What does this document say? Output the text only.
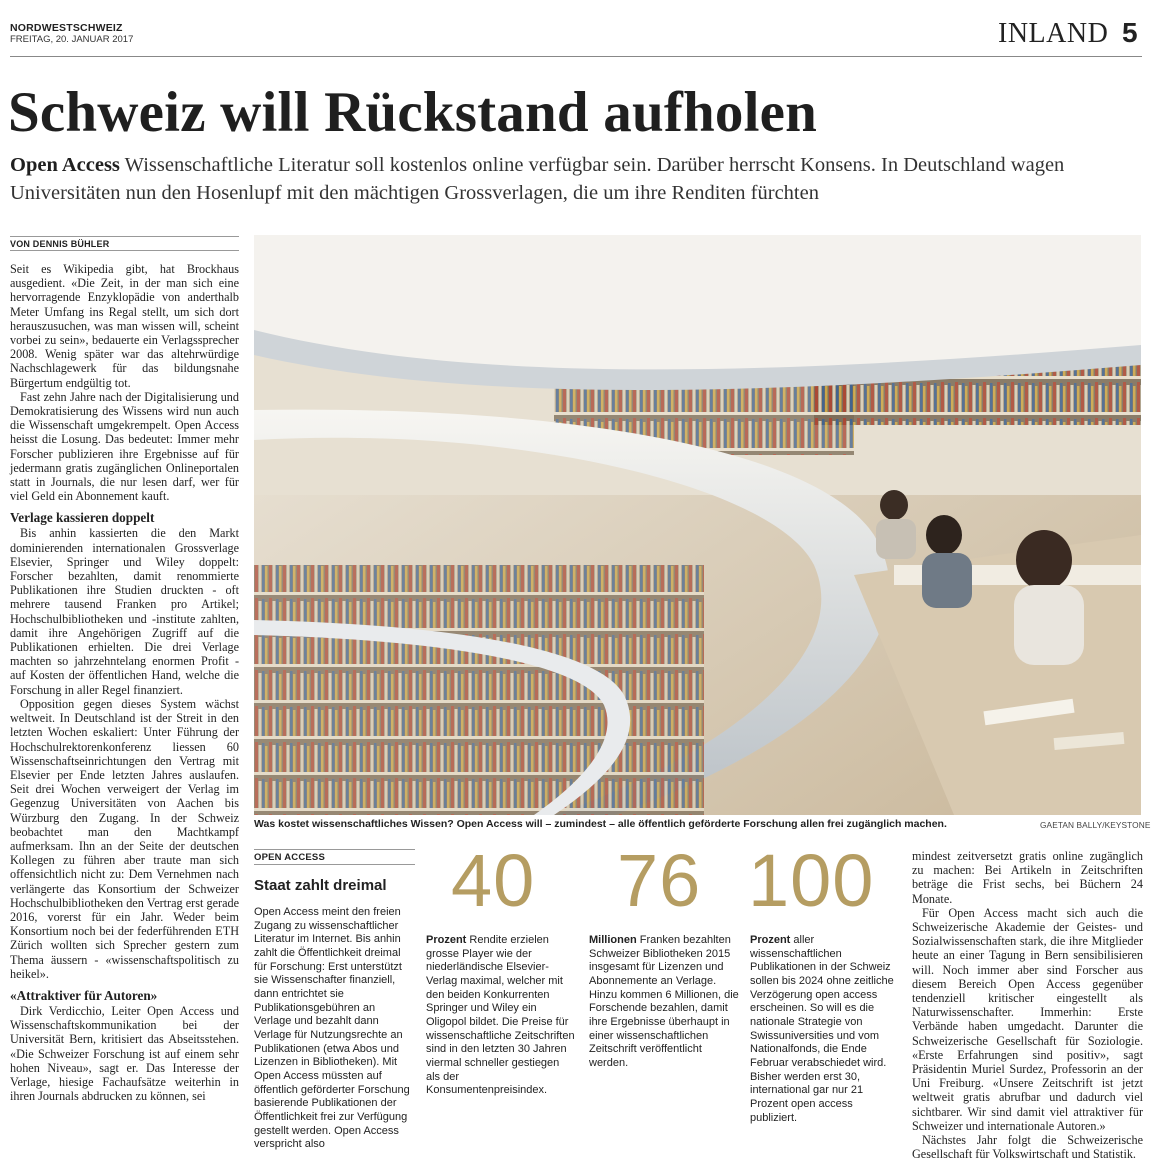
NORDWESTSCHWEIZ
FREITAG, 20. JANUAR 2017	INLAND 5
Schweiz will Rückstand aufholen
Open Access Wissenschaftliche Literatur soll kostenlos online verfügbar sein. Darüber herrscht Konsens. In Deutschland wagen Universitäten nun den Hosenlupf mit den mächtigen Grossverlagen, die um ihre Renditen fürchten
VON DENNIS BÜHLER

Seit es Wikipedia gibt, hat Brockhaus ausgedient. «Die Zeit, in der man sich eine hervorragende Enzyklopädie von anderthalb Meter Umfang ins Regal stellt, um sich dort herauszusuchen, was man wissen will, scheint vorbei zu sein», bedauerte ein Verlagssprecher 2008. Wenig später war das altehrwürdige Nachschlagewerk für das bildungsnahe Bürgertum endgültig tot.

Fast zehn Jahre nach der Digitalisierung und Demokratisierung des Wissens wird nun auch die Wissenschaft umgekrempelt. Open Access heisst die Losung. Das bedeutet: Immer mehr Forscher publizieren ihre Ergebnisse auf für jedermann gratis zugänglichen Onlineportalen statt in Journals, die nur lesen darf, wer für viel Geld ein Abonnement kauft.

Verlage kassieren doppelt

Bis anhin kassierten die den Markt dominierenden internationalen Grossverlage Elsevier, Springer und Wiley doppelt: Forscher bezahlten, damit renommierte Publikationen ihre Studien druckten - oft mehrere tausend Franken pro Artikel; Hochschulbibliotheken und -institute zahlten, damit ihre Angehörigen Zugriff auf die Publikationen erhielten. Die drei Verlage machten so jahrzehntelang enormen Profit - auf Kosten der öffentlichen Hand, welche die Forschung in aller Regel finanziert.

Opposition gegen dieses System wächst weltweit. In Deutschland ist der Streit in den letzten Wochen eskaliert: Unter Führung der Hochschulrektorenkonferenz liessen 60 Wissenschaftseinrichtungen den Vertrag mit Elsevier per Ende letzten Jahres auslaufen. Seit drei Wochen verweigert der Verlag im Gegenzug Universitäten von Aachen bis Würzburg den Zugang. In der Schweiz beobachtet man den Machtkampf aufmerksam. Ihn an der Seite der deutschen Kollegen zu führen aber traute man sich offensichtlich nicht zu: Dem Vernehmen nach verlängerte das Konsortium der Schweizer Hochschulbibliotheken den Vertrag erst gerade 2016, vorerst für ein Jahr. Weder beim Konsortium noch bei der federführenden ETH Zürich wollten sich Sprecher gestern zum Thema äussern - «wissenschaftspolitisch zu heikel».

«Attraktiver für Autoren»

Dirk Verdicchio, Leiter Open Access und Wissenschaftskommunikation bei der Universität Bern, kritisiert das Abseitsstehen. «Die Schweizer Forschung ist auf einem sehr hohen Niveau», sagt er. Das Interesse der Verlage, hiesige Fachaufsätze weiterhin in ihren Journals abdrucken zu können, sei

Was kostet wissenschaftliches Wissen? Open Access will – zumindest – alle öffentlich geförderte Forschung allen frei zugänglich machen.	GAETAN BALLY/KEYSTONE
OPEN ACCESS
Staat zahlt dreimal
Open Access meint den freien Zugang zu wissenschaftlicher Literatur im Internet. Bis anhin zahlt die Öffentlichkeit dreimal für Forschung: Erst unterstützt sie Wissenschafter finanziell, dann entrichtet sie Publikationsgebühren an Verlage und bezahlt dann Verlage für Nutzungsrechte an Publikationen (etwa Abos und Lizenzen in Bibliotheken). Mit Open Access müssten auf öffentlich geförderter Forschung basierende Publikationen der Öffentlichkeit frei zur Verfügung gestellt werden. Open Access verspricht also
40 76 100
Prozent Rendite erzielen grosse Player wie der niederländische Elsevier-Verlag maximal, welcher mit den beiden Konkurrenten Springer und Wiley ein Oligopol bildet. Die Preise für wissenschaftliche Zeitschriften sind in den letzten 30 Jahren viermal schneller gestiegen als der Konsumentenpreisindex.
Millionen Franken bezahlten Schweizer Bibliotheken 2015 insgesamt für Lizenzen und Abonnemente an Verlage. Hinzu kommen 6 Millionen, die Forschende bezahlen, damit ihre Ergebnisse überhaupt in einer wissenschaftlichen Zeitschrift veröffentlicht werden.
Prozent aller wissenschaftlichen Publikationen in der Schweiz sollen bis 2024 ohne zeitliche Verzögerung open access erscheinen. So will es die nationale Strategie von Swissuniversities und vom Nationalfonds, die Ende Februar verabschiedet wird. Bisher werden erst 30, international gar nur 21 Prozent open access publiziert.

mindest zeitversetzt gratis online zugänglich zu machen: Bei Artikeln in Zeitschriften beträge die Frist sechs, bei Büchern 24 Monate.

Für Open Access macht sich auch die Schweizerische Akademie der Geistes- und Sozialwissenschaften stark, die ihre Mitglieder heute an einer Tagung in Bern sensibilisieren will. Noch immer aber sind Forscher aus diesem Bereich Open Access gegenüber tendenziell kritischer eingestellt als Naturwissenschafter. Immerhin: Erste Verbände haben umgedacht. Darunter die Schweizerische Gesellschaft für Soziologie. «Erste Erfahrungen sind positiv», sagt Präsidentin Muriel Surdez, Professorin an der Uni Freiburg. «Unsere Zeitschrift ist jetzt weltweit gratis abrufbar und dadurch viel sichtbarer. Wir sind damit viel attraktiver für Schweizer und internationale Autoren.»

Nächstes Jahr folgt die Schweizerische Gesellschaft für Volkswirtschaft und Statistik.
